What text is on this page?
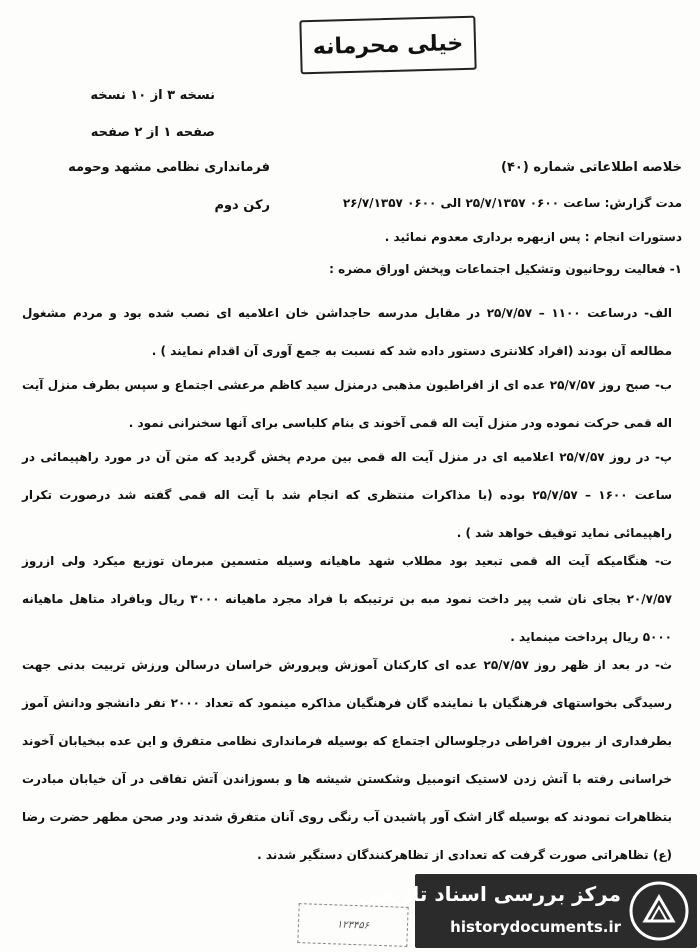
خیلی محرمانه
نسخه ۳ از ۱۰ نسخه
صفحه ۱ از ۲ صفحه
فرمانداری نظامی مشهد وحومه	خلاصه اطلاعاتی شماره (۴۰)
مدت گزارش: ساعت ۰۶۰۰ ۲۵/۷/۱۳۵۷ الی ۰۶۰۰ ۲۶/۷/۱۳۵۷
رکن دوم
دستورات انجام : پس ازبهره برداری معدوم نمائید .
۱- فعالیت روحانیون وتشکیل اجتماعات وپخش اوراق مضره :
الف- درساعت ۱۱۰۰ – ۲۵/۷/۵۷ در مقابل مدرسه حاجداشن خان اعلامیه ای نصب شده بود و مردم مشغول مطالعه آن بودند (افراد کلانتری دستور داده شد که نسبت به جمع آوری آن اقدام نمایند ) .
ب- صبح روز ۲۵/۷/۵۷ عده ای از افراطیون مذهبی درمنزل سید کاظم مرعشی اجتماع و سپس بطرف منزل آیت اله قمی حرکت نموده ودر منزل آیت اله قمی آخوند ی بنام کلباسی برای آنها سخنرانی نمود .
پ- در روز ۲۵/۷/۵۷ اعلامیه ای در منزل آیت اله قمی بین مردم پخش گردید که متن آن در مورد راهپیمائی در ساعت ۱۶۰۰ – ۲۵/۷/۵۷ بوده (با مذاکرات منتظری که انجام شد با آیت اله قمی گفته شد درصورت تکرار راهپیمائی نماید توقیف خواهد شد ) .
ت- هنگامیکه آیت اله قمی تبعید بود مطلاب شهد ماهیانه وسیله متسمین مبرمان توزیع میکرد ولی ازروز ۲۰/۷/۵۷ بجای نان شب پیر داخت نمود مبه بن ترتیبکه با فراد مجرد ماهیانه ۳۰۰۰ ریال وبافراد متاهل ماهیانه ۵۰۰۰ ریال پرداخت مینماید .
ث- در بعد از ظهر روز ۲۵/۷/۵۷ عده ای کارکنان آموزش وپرورش خراسان درسالن ورزش تربیت بدنی جهت رسیدگی بخواستهای فرهنگیان با نماینده گان فرهنگیان مذاکره مینمود که تعداد ۲۰۰۰ نفر دانشجو ودانش آموز بطرفداری از بیرون افراطی درجلوسالن اجتماع که بوسیله فرمانداری نظامی متفرق و این عده ببخیابان آخوند خراسانی رفته با آتش زدن لاستیک اتومبیل وشکستن شیشه ها و بسوزاندن آتش تفاقی در آن خیابان مبادرت بتظاهرات نمودند که بوسیله گاز اشک آور پاشیدن آب رنگی روی آنان متفرق شدند ودر صحن مطهر حضرت رضا (ع) تظاهراتی صورت گرفت که تعدادی از تظاهرکنندگان دستگیر شدند .
۱۲۳۴۵۶
مرکز بررسی اسناد تاریخی
historydocuments.ir
